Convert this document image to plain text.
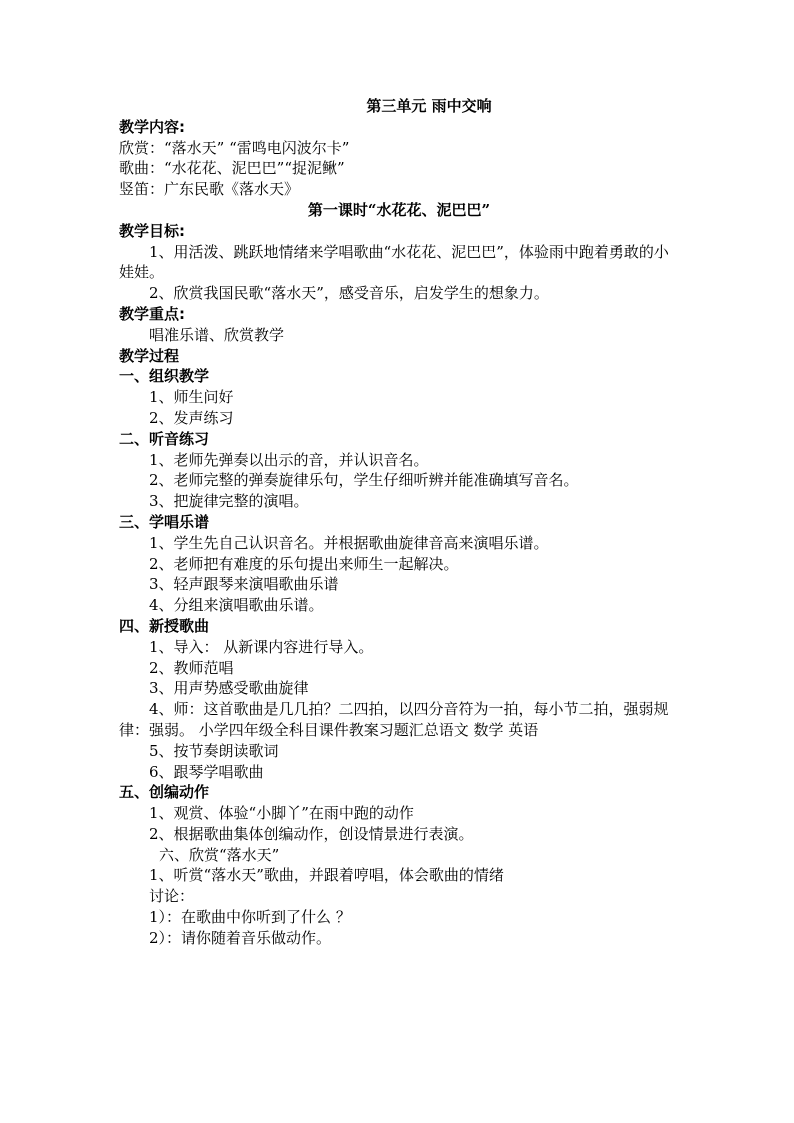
第三单元 雨中交响
教学内容:
欣赏：“落水天” “雷鸣电闪波尔卡”
歌曲：“水花花、泥巴巴”“捉泥鳅”
竖笛：广东民歌《落水天》
第一课时“水花花、泥巴巴”
教学目标:
1、用活泼、跳跃地情绪来学唱歌曲“水花花、泥巴巴”，体验雨中跑着勇敢的小娃娃。
2、欣赏我国民歌“落水天”，感受音乐，启发学生的想象力。
教学重点:
唱准乐谱、欣赏教学
教学过程
一、组织教学
1、师生问好
2、发声练习
二、听音练习
1、老师先弹奏以出示的音，并认识音名。
2、老师完整的弹奏旋律乐句，学生仔细听辨并能准确填写音名。
3、把旋律完整的演唱。
三、学唱乐谱
1、学生先自己认识音名。并根据歌曲旋律音高来演唱乐谱。
2、老师把有难度的乐句提出来师生一起解决。
3、轻声跟琴来演唱歌曲乐谱
4、分组来演唱歌曲乐谱。
四、新授歌曲
1、导入： 从新课内容进行导入。
2、教师范唱
3、用声势感受歌曲旋律
4、师：这首歌曲是几几拍？二四拍，以四分音符为一拍，每小节二拍，强弱规律：强弱。 小学四年级全科目课件教案习题汇总语文 数学 英语
5、按节奏朗读歌词
6、跟琴学唱歌曲
五、创编动作
1、观赏、体验“小脚丫”在雨中跑的动作
2、根据歌曲集体创编动作，创设情景进行表演。
六、欣赏“落水天”
1、听赏“落水天”歌曲，并跟着哼唱，体会歌曲的情绪
讨论：
1）：在歌曲中你听到了什么 ？
2）：请你随着音乐做动作。
